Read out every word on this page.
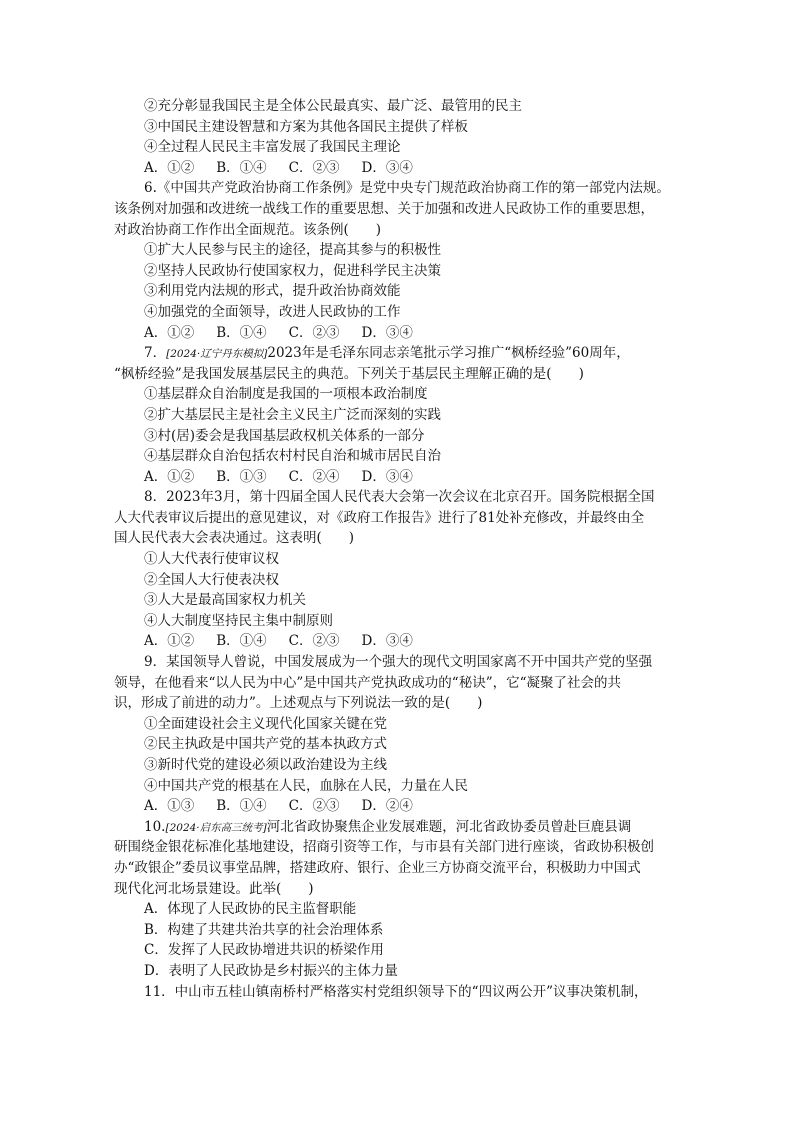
②充分彰显我国民主是全体公民最真实、最广泛、最管用的民主
③中国民主建设智慧和方案为其他各国民主提供了样板
④全过程人民民主丰富发展了我国民主理论
A．①② B．①④ C．②③ D．③④
6.《中国共产党政治协商工作条例》是党中央专门规范政治协商工作的第一部党内法规。
该条例对加强和改进统一战线工作的重要思想、关于加强和改进人民政协工作的重要思想，
对政治协商工作作出全面规范。该条例(　　)
①扩大人民参与民主的途径，提高其参与的积极性
②坚持人民政协行使国家权力，促进科学民主决策
③利用党内法规的形式，提升政治协商效能
④加强党的全面领导，改进人民政协的工作
A．①② B．①④ C．②③ D．③④
7．[2024·辽宁丹东模拟]2023年是毛泽东同志亲笔批示学习推广“枫桥经验”60周年，
“枫桥经验”是我国发展基层民主的典范。下列关于基层民主理解正确的是(　　)
①基层群众自治制度是我国的一项根本政治制度
②扩大基层民主是社会主义民主广泛而深刻的实践
③村(居)委会是我国基层政权机关体系的一部分
④基层群众自治包括农村村民自治和城市居民自治
A．①② B．①③ C．②④ D．③④
8．2023年3月，第十四届全国人民代表大会第一次会议在北京召开。国务院根据全国
人大代表审议后提出的意见建议，对《政府工作报告》进行了81处补充修改，并最终由全
国人民代表大会表决通过。这表明(　　)
①人大代表行使审议权
②全国人大行使表决权
③人大是最高国家权力机关
④人大制度坚持民主集中制原则
A．①② B．①④ C．②③ D．③④
9．某国领导人曾说，中国发展成为一个强大的现代文明国家离不开中国共产党的坚强
领导，在他看来“以人民为中心”是中国共产党执政成功的“秘诀”，它“凝聚了社会的共
识，形成了前进的动力”。上述观点与下列说法一致的是(　　)
①全面建设社会主义现代化国家关键在党
②民主执政是中国共产党的基本执政方式
③新时代党的建设必须以政治建设为主线
④中国共产党的根基在人民，血脉在人民，力量在人民
A．①③ B．①④ C．②③ D．②④
10.[2024·启东高三统考]河北省政协聚焦企业发展难题，河北省政协委员曾赴巨鹿县调
研围绕金银花标准化基地建设，招商引资等工作，与市县有关部门进行座谈，省政协积极创
办“政银企”委员议事堂品牌，搭建政府、银行、企业三方协商交流平台，积极助力中国式
现代化河北场景建设。此举(　　)
A．体现了人民政协的民主监督职能
B．构建了共建共治共享的社会治理体系
C．发挥了人民政协增进共识的桥梁作用
D．表明了人民政协是乡村振兴的主体力量
11．中山市五桂山镇南桥村严格落实村党组织领导下的“四议两公开”议事决策机制，
